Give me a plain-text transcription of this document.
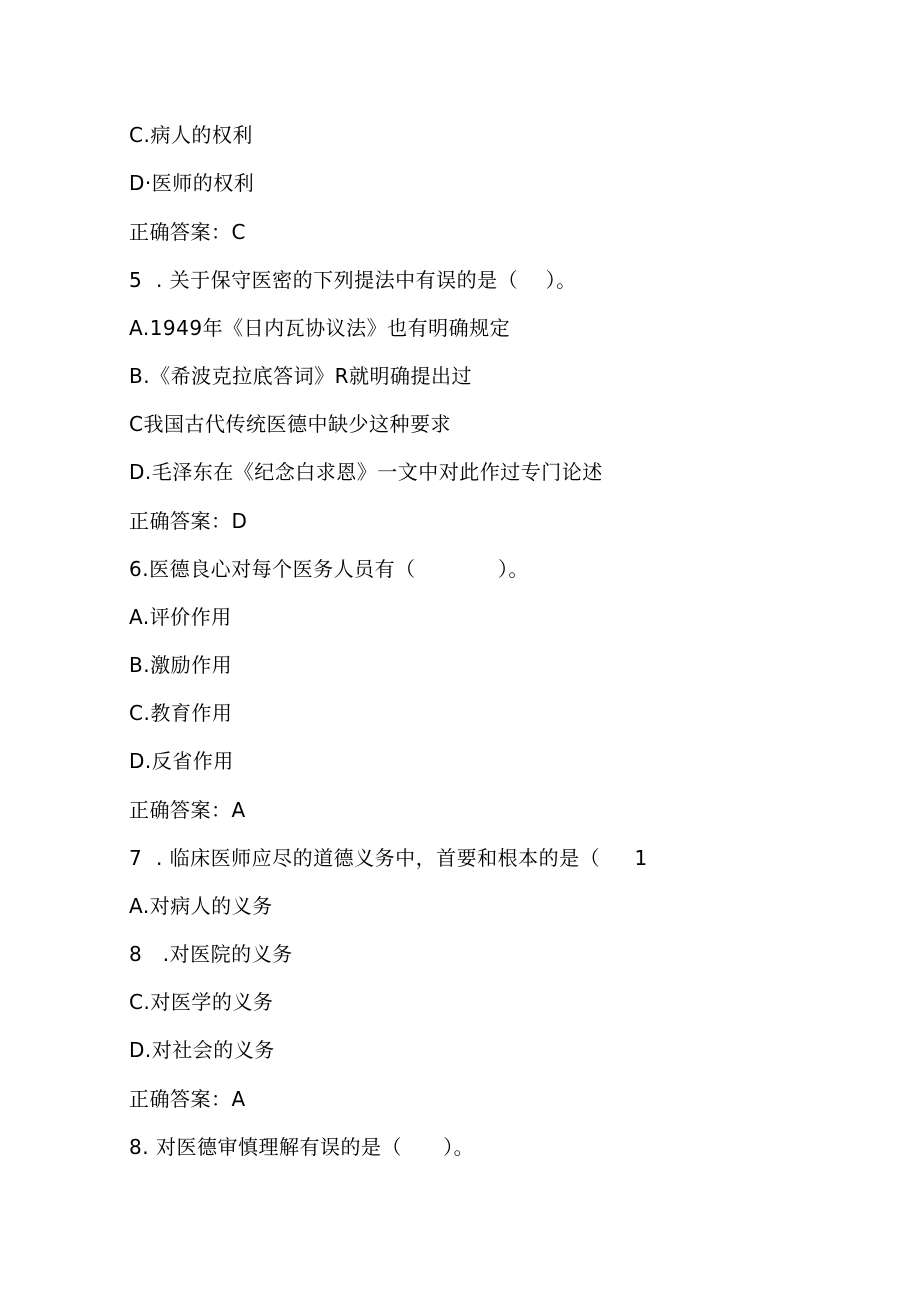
C.病人的权利
D·医师的权利
正确答案：C
5  . 关于保守医密的下列提法中有误的是（    ）。
A.1949年《日内瓦协议法》也有明确规定
B.《希波克拉底答词》R就明确提出过
C我国古代传统医德中缺少这种要求
D.毛泽东在《纪念白求恩》一文中对此作过专门论述
正确答案：D
6.医德良心对每个医务人员有（            ）。
A.评价作用
B.激励作用
C.教育作用
D.反省作用
正确答案：A
7  . 临床医师应尽的道德义务中，首要和根本的是（     1
A.对病人的义务
8   .对医院的义务
C.对医学的义务
D.对社会的义务
正确答案：A
8. 对医德审慎理解有误的是（      ）。
